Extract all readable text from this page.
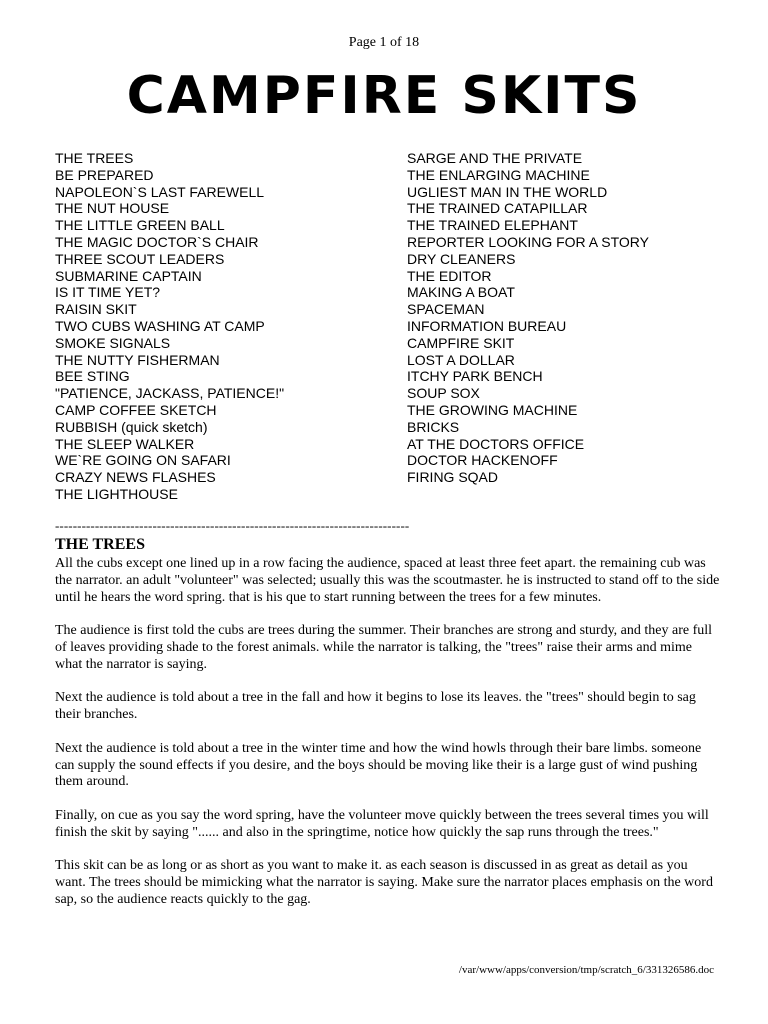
Page 1 of 18
CAMPFIRE SKITS
THE TREES
BE PREPARED
NAPOLEON`S LAST FAREWELL
THE NUT HOUSE
THE LITTLE GREEN BALL
THE MAGIC DOCTOR`S CHAIR
THREE SCOUT LEADERS
SUBMARINE CAPTAIN
IS IT TIME YET?
RAISIN SKIT
TWO CUBS WASHING AT CAMP
SMOKE SIGNALS
THE NUTTY FISHERMAN
BEE STING
"PATIENCE, JACKASS, PATIENCE!"
CAMP COFFEE SKETCH
RUBBISH (quick sketch)
THE SLEEP WALKER
WE`RE GOING ON SAFARI
CRAZY NEWS FLASHES
THE LIGHTHOUSE
SARGE AND THE PRIVATE
THE ENLARGING MACHINE
UGLIEST MAN IN THE WORLD
THE TRAINED CATAPILLAR
THE TRAINED ELEPHANT
REPORTER LOOKING FOR A STORY
DRY CLEANERS
THE EDITOR
MAKING A BOAT
SPACEMAN
INFORMATION BUREAU
CAMPFIRE SKIT
LOST A DOLLAR
ITCHY PARK BENCH
SOUP SOX
THE GROWING MACHINE
BRICKS
AT THE DOCTORS OFFICE
DOCTOR HACKENOFF
FIRING SQAD
--------------------------------------------------------------------------------
THE TREES

All the cubs except one lined up in a row facing the audience, spaced at least three feet apart. the remaining cub was the narrator. an adult "volunteer" was selected; usually this was the scoutmaster. he is instructed to stand off to the side until he hears the word spring. that is his que to start running between the trees for a few minutes.

The audience is first told the cubs are trees during the summer. Their branches are strong and sturdy, and they are full of leaves providing shade to the forest animals. while the narrator is talking, the "trees" raise their arms and mime what the narrator is saying.

Next the audience is told about a tree in the fall and how it begins to lose its leaves. the "trees" should begin to sag their branches.

Next the audience is told about a tree in the winter time and how the wind howls through their bare limbs. someone can supply the sound effects if you desire, and the boys should be moving like their is a large gust of wind pushing them around.

Finally, on cue as you say the word spring, have the volunteer move quickly between the trees several times you will finish the skit by saying "...... and also in the springtime, notice how quickly the sap runs through the trees."

This skit can be as long or as short as you want to make it. as each season is discussed in as great as detail as you want. The trees should be mimicking what the narrator is saying. Make sure the narrator places emphasis on the word sap, so the audience reacts quickly to the gag.

/var/www/apps/conversion/tmp/scratch_6/331326586.doc
